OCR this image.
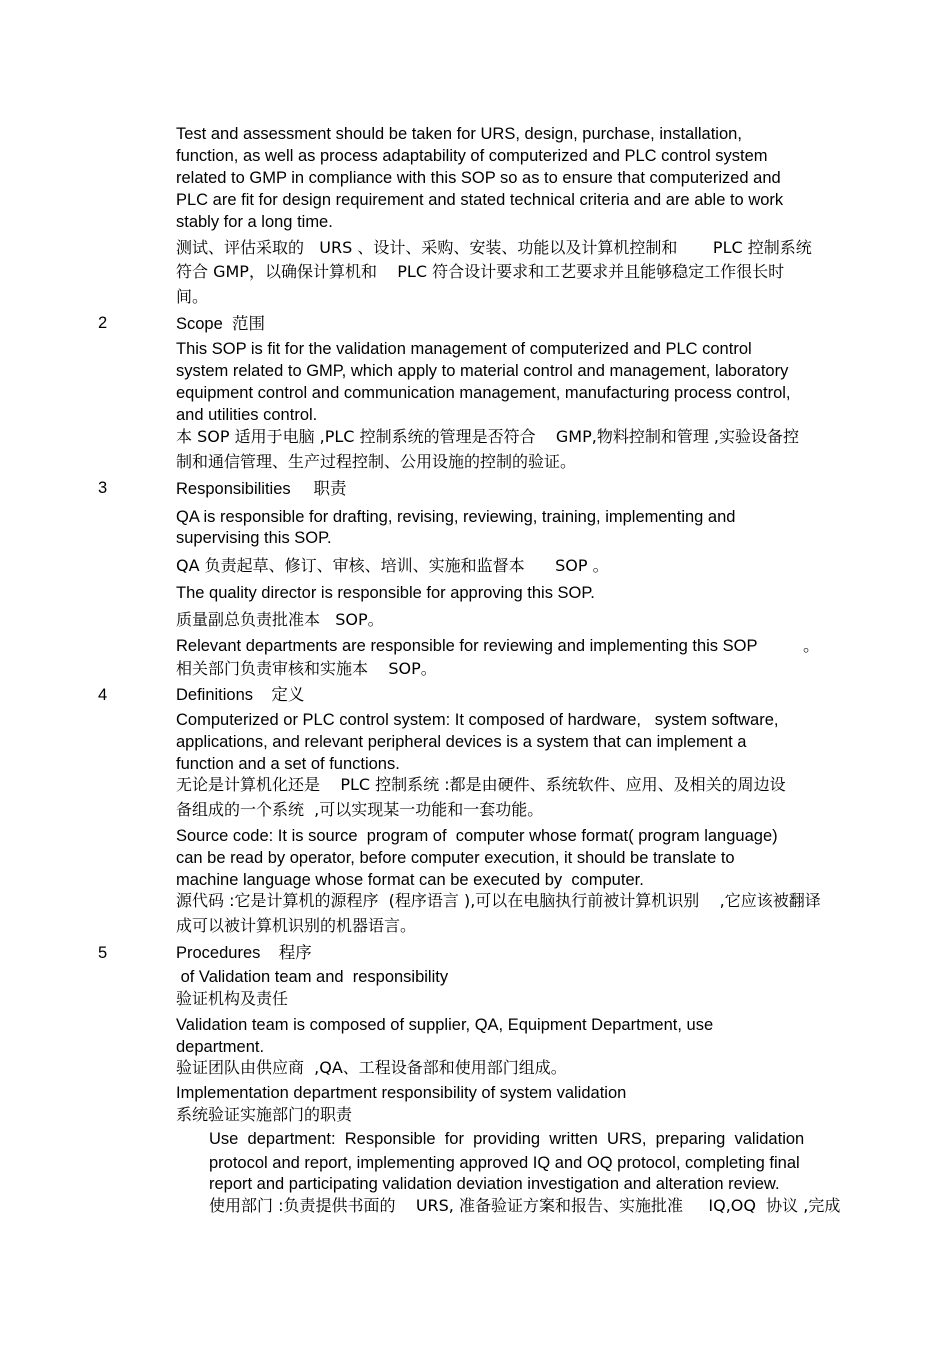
Test and assessment should be taken for URS, design, purchase, installation,
function, as well as process adaptability of computerized and PLC control system
related to GMP in compliance with this SOP so as to ensure that computerized and
PLC are fit for design requirement and stated technical criteria and are able to work
stably for a long time.
测试、评估采取的   URS 、设计、采购、安装、功能以及计算机控制和       PLC 控制系统
符合 GMP，以确保计算机和    PLC 符合设计要求和工艺要求并且能够稳定工作很长时
间。
2	Scope  范围
This SOP is fit for the validation management of computerized and PLC control
system related to GMP, which apply to material control and management, laboratory
equipment control and communication management, manufacturing process control,
and utilities control.
本 SOP 适用于电脑 ,PLC 控制系统的管理是否符合    GMP,物料控制和管理 ,实验设备控
制和通信管理、生产过程控制、公用设施的控制的验证。
3	Responsibilities     职责
QA is responsible for drafting, revising, reviewing, training, implementing and
supervising this SOP.
QA 负责起草、修订、审核、培训、实施和监督本      SOP 。
The quality director is responsible for approving this SOP.
质量副总负责批准本   SOP。
Relevant departments are responsible for reviewing and implementing this SOP          。
相关部门负责审核和实施本    SOP。
4	Definitions    定义
Computerized or PLC control system: It composed of hardware,   system software,
applications, and relevant peripheral devices is a system that can implement a
function and a set of functions.
无论是计算机化还是    PLC 控制系统 :都是由硬件、系统软件、应用、及相关的周边设
备组成的一个系统  ,可以实现某一功能和一套功能。
Source code: It is source  program of  computer whose format( program language)
can be read by operator, before computer execution, it should be translate to
machine language whose format can be executed by  computer.
源代码 :它是计算机的源程序  (程序语言 ),可以在电脑执行前被计算机识别    ,它应该被翻译
成可以被计算机识别的机器语言。
5	Procedures    程序
of Validation team and  responsibility
验证机构及责任
Validation team is composed of supplier, QA, Equipment Department, use
department.
验证团队由供应商  ,QA、工程设备部和使用部门组成。
Implementation department responsibility of system validation
系统验证实施部门的职责
Use  department:  Responsible  for  providing  written  URS,  preparing  validation
protocol and report, implementing approved IQ and OQ protocol, completing final
report and participating validation deviation investigation and alteration review.
使用部门 :负责提供书面的    URS, 准备验证方案和报告、实施批准     IQ,OQ  协议 ,完成
